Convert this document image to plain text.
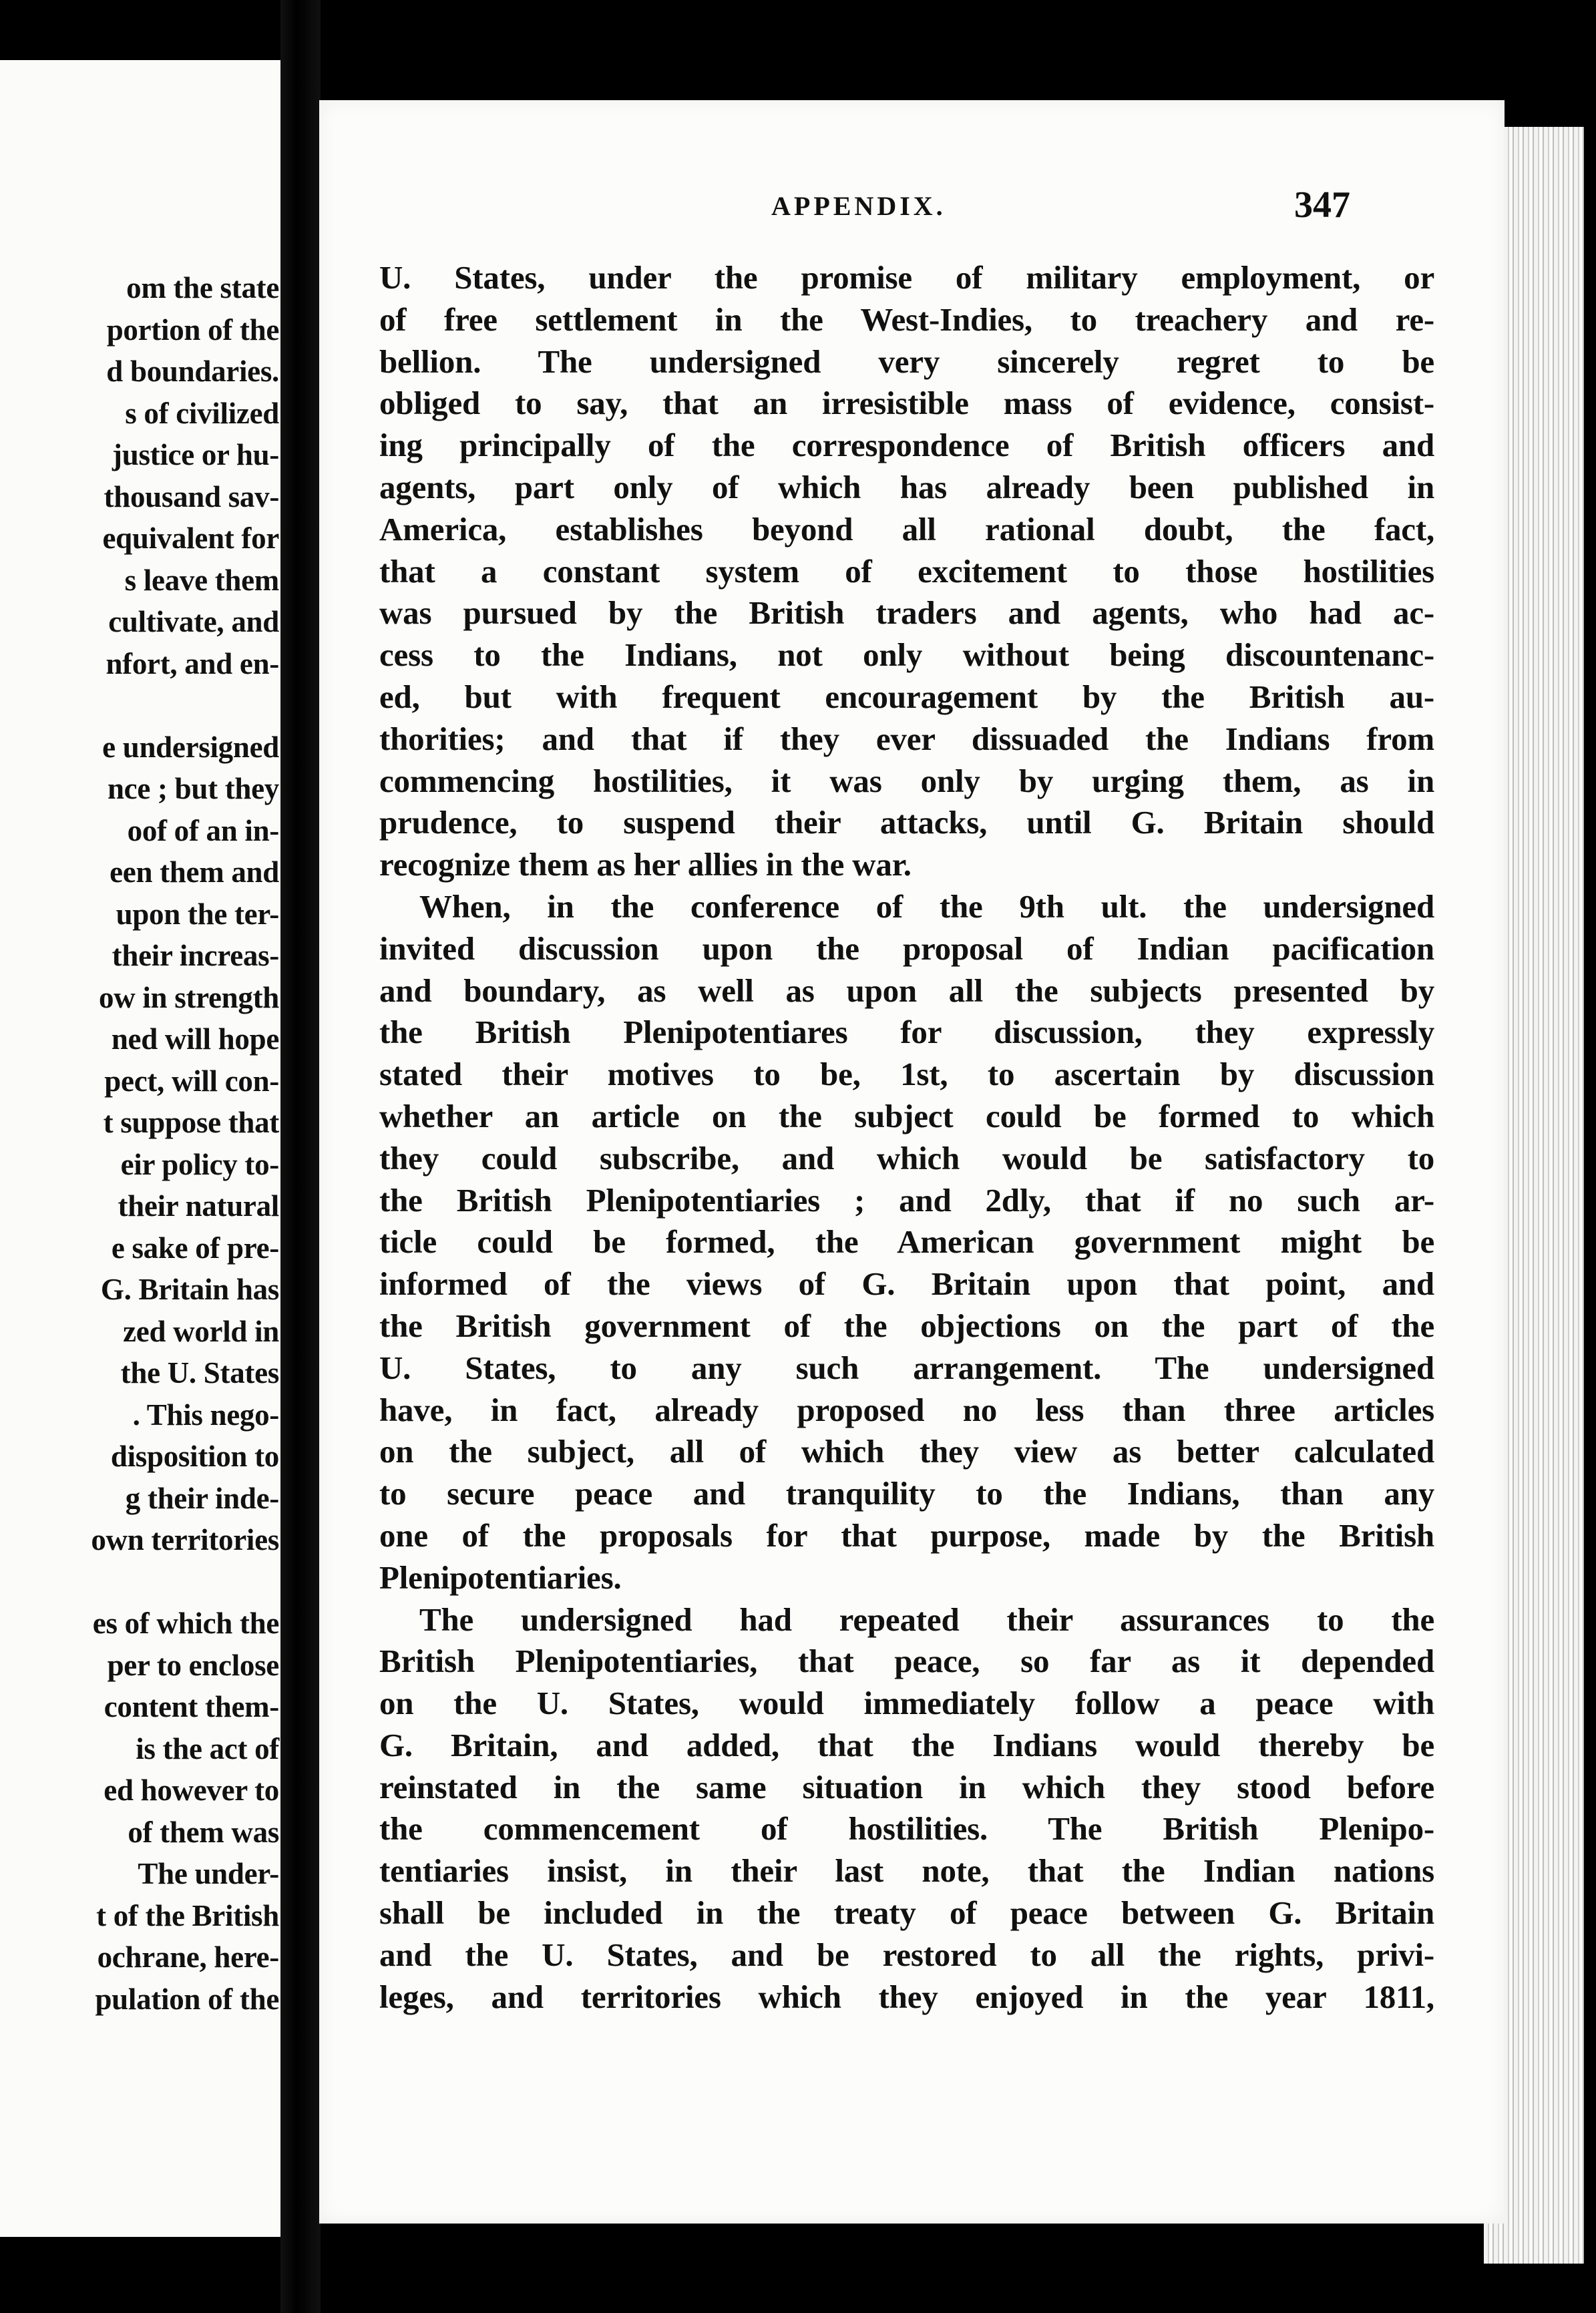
om the state
portion of the
d boundaries.
s of civilized
justice or hu-
thousand sav-
equivalent for
s leave them
cultivate, and
nfort, and en-
e undersigned
nce ; but they
oof of an in-
een them and
upon the ter-
their increas-
ow in strength
ned will hope
pect, will con-
t suppose that
eir policy to-
their natural
e sake of pre-
G. Britain has
zed world in
the U. States
. This nego-
disposition to
g their inde-
own territories
es of which the
per to enclose
content them-
is the act of
ed however to
of them was
The under-
t of the British
ochrane, here-
pulation of the
APPENDIX.	347
U. States, under the promise of military employment, or
of free settlement in the West-Indies, to treachery and re-
bellion. The undersigned very sincerely regret to be
obliged to say, that an irresistible mass of evidence, consist-
ing principally of the correspondence of British officers and
agents, part only of which has already been published in
America, establishes beyond all rational doubt, the fact,
that a constant system of excitement to those hostilities
was pursued by the British traders and agents, who had ac-
cess to the Indians, not only without being discountenanc-
ed, but with frequent encouragement by the British au-
thorities; and that if they ever dissuaded the Indians from
commencing hostilities, it was only by urging them, as in
prudence, to suspend their attacks, until G. Britain should
recognize them as her allies in the war.
When, in the conference of the 9th ult. the undersigned
invited discussion upon the proposal of Indian pacification
and boundary, as well as upon all the subjects presented by
the British Plenipotentiares for discussion, they expressly
stated their motives to be, 1st, to ascertain by discussion
whether an article on the subject could be formed to which
they could subscribe, and which would be satisfactory to
the British Plenipotentiaries ; and 2dly, that if no such ar-
ticle could be formed, the American government might be
informed of the views of G. Britain upon that point, and
the British government of the objections on the part of the
U. States, to any such arrangement. The undersigned
have, in fact, already proposed no less than three articles
on the subject, all of which they view as better calculated
to secure peace and tranquility to the Indians, than any
one of the proposals for that purpose, made by the British
Plenipotentiaries.
The undersigned had repeated their assurances to the
British Plenipotentiaries, that peace, so far as it depended
on the U. States, would immediately follow a peace with
G. Britain, and added, that the Indians would thereby be
reinstated in the same situation in which they stood before
the commencement of hostilities. The British Plenipo-
tentiaries insist, in their last note, that the Indian nations
shall be included in the treaty of peace between G. Britain
and the U. States, and be restored to all the rights, privi-
leges, and territories which they enjoyed in the year 1811,
